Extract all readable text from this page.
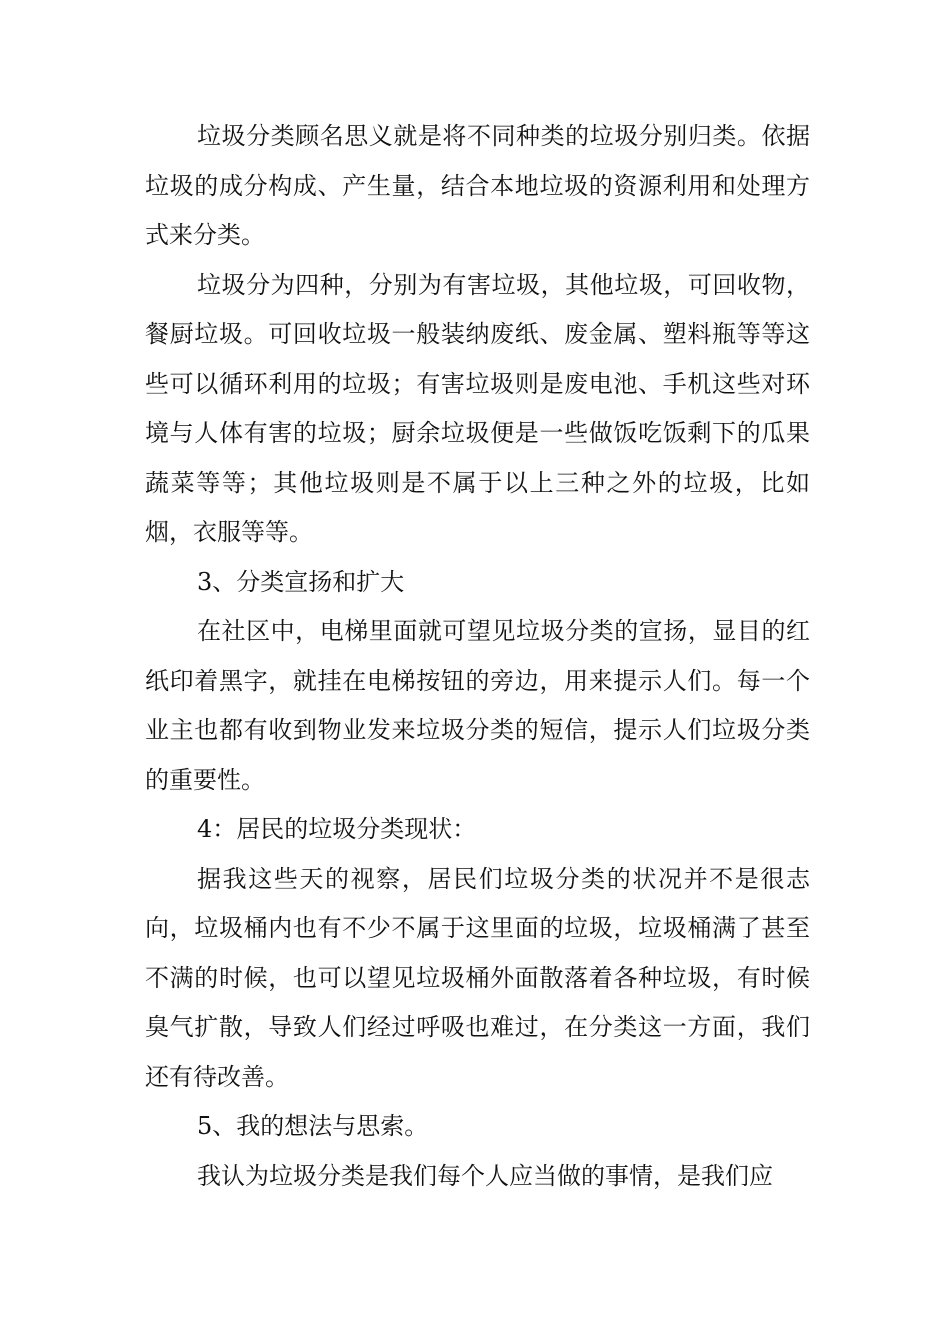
垃圾分类顾名思义就是将不同种类的垃圾分别归类。依据垃圾的成分构成、产生量，结合本地垃圾的资源利用和处理方式来分类。

垃圾分为四种，分别为有害垃圾，其他垃圾，可回收物，餐厨垃圾。可回收垃圾一般装纳废纸、废金属、塑料瓶等等这些可以循环利用的垃圾；有害垃圾则是废电池、手机这些对环境与人体有害的垃圾；厨余垃圾便是一些做饭吃饭剩下的瓜果蔬菜等等；其他垃圾则是不属于以上三种之外的垃圾，比如烟，衣服等等。

3、分类宣扬和扩大

在社区中，电梯里面就可望见垃圾分类的宣扬，显目的红纸印着黑字，就挂在电梯按钮的旁边，用来提示人们。每一个业主也都有收到物业发来垃圾分类的短信，提示人们垃圾分类的重要性。

4：居民的垃圾分类现状：

据我这些天的视察，居民们垃圾分类的状况并不是很志向，垃圾桶内也有不少不属于这里面的垃圾，垃圾桶满了甚至不满的时候，也可以望见垃圾桶外面散落着各种垃圾，有时候臭气扩散，导致人们经过呼吸也难过，在分类这一方面，我们还有待改善。

5、我的想法与思索。

我认为垃圾分类是我们每个人应当做的事情，是我们应
